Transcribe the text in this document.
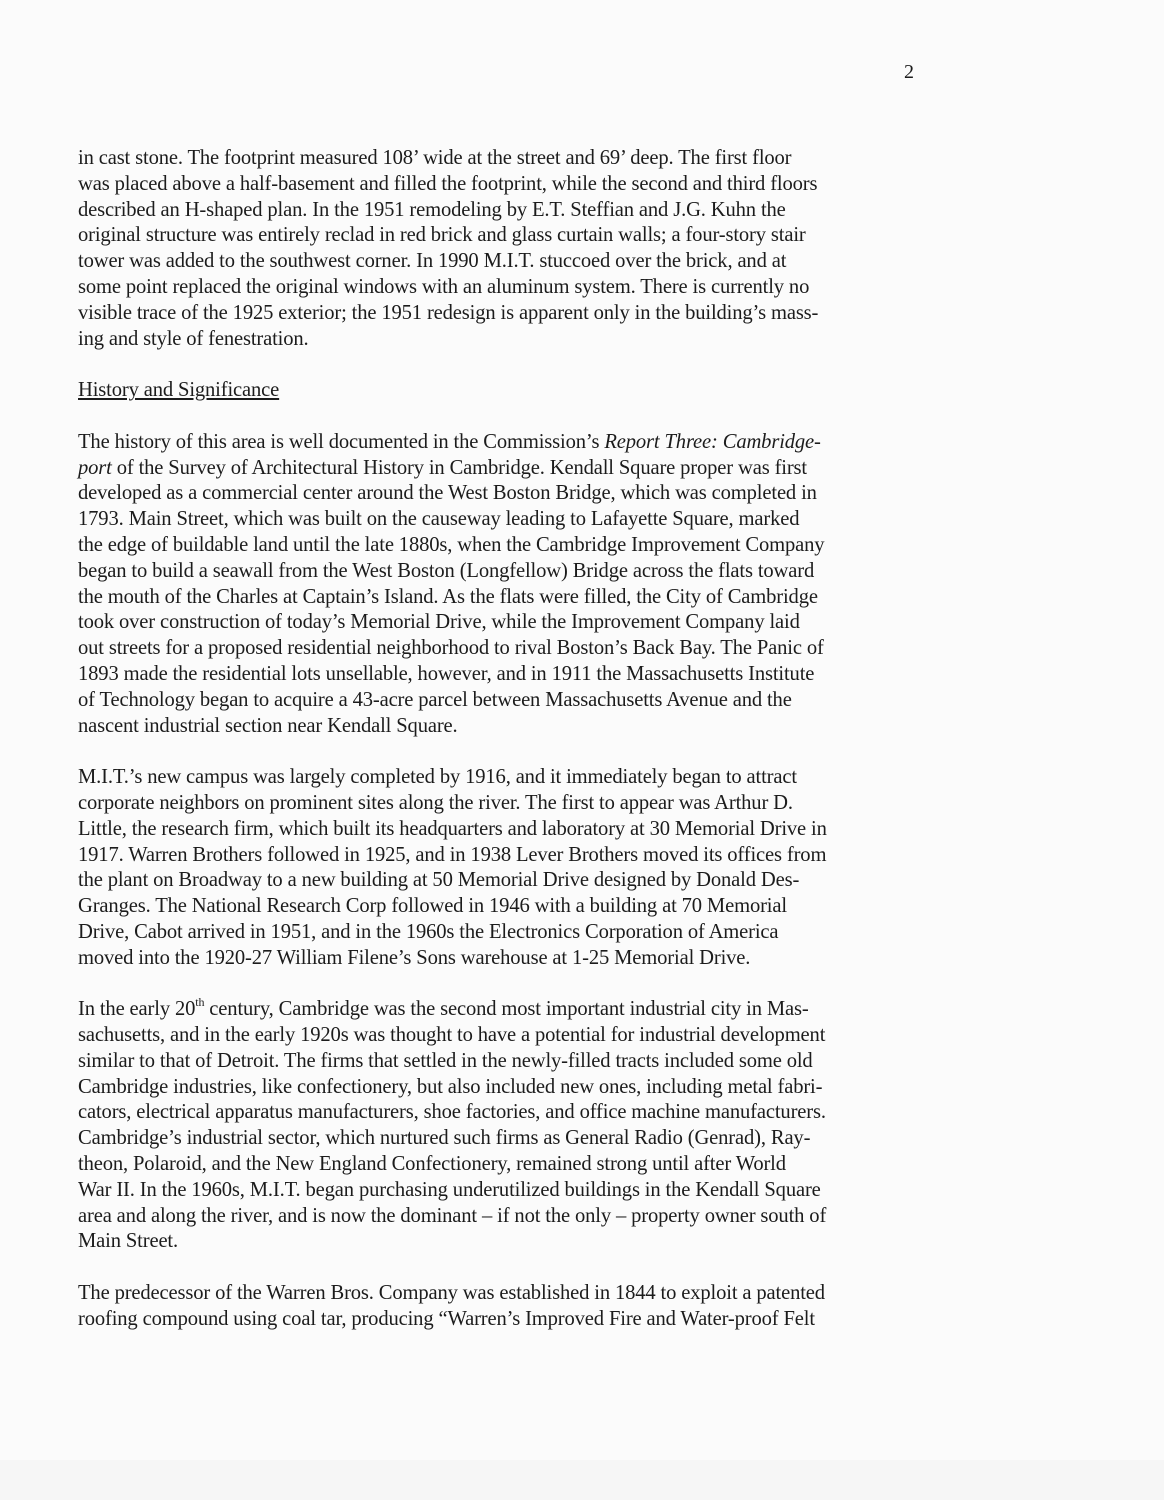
2
in cast stone. The footprint measured 108’ wide at the street and 69’ deep. The first floor
was placed above a half-basement and filled the footprint, while the second and third floors
described an H-shaped plan. In the 1951 remodeling by E.T. Steffian and J.G. Kuhn the
original structure was entirely reclad in red brick and glass curtain walls; a four-story stair
tower was added to the southwest corner. In 1990 M.I.T. stuccoed over the brick, and at
some point replaced the original windows with an aluminum system. There is currently no
visible trace of the 1925 exterior; the 1951 redesign is apparent only in the building’s mass-
ing and style of fenestration.
History and Significance
The history of this area is well documented in the Commission’s Report Three: Cambridge-
port of the Survey of Architectural History in Cambridge. Kendall Square proper was first
developed as a commercial center around the West Boston Bridge, which was completed in
1793. Main Street, which was built on the causeway leading to Lafayette Square, marked
the edge of buildable land until the late 1880s, when the Cambridge Improvement Company
began to build a seawall from the West Boston (Longfellow) Bridge across the flats toward
the mouth of the Charles at Captain’s Island. As the flats were filled, the City of Cambridge
took over construction of today’s Memorial Drive, while the Improvement Company laid
out streets for a proposed residential neighborhood to rival Boston’s Back Bay. The Panic of
1893 made the residential lots unsellable, however, and in 1911 the Massachusetts Institute
of Technology began to acquire a 43-acre parcel between Massachusetts Avenue and the
nascent industrial section near Kendall Square.
M.I.T.’s new campus was largely completed by 1916, and it immediately began to attract
corporate neighbors on prominent sites along the river. The first to appear was Arthur D.
Little, the research firm, which built its headquarters and laboratory at 30 Memorial Drive in
1917. Warren Brothers followed in 1925, and in 1938 Lever Brothers moved its offices from
the plant on Broadway to a new building at 50 Memorial Drive designed by Donald Des-
Granges. The National Research Corp followed in 1946 with a building at 70 Memorial
Drive, Cabot arrived in 1951, and in the 1960s the Electronics Corporation of America
moved into the 1920-27 William Filene’s Sons warehouse at 1-25 Memorial Drive.
In the early 20th century, Cambridge was the second most important industrial city in Mas-
sachusetts, and in the early 1920s was thought to have a potential for industrial development
similar to that of Detroit. The firms that settled in the newly-filled tracts included some old
Cambridge industries, like confectionery, but also included new ones, including metal fabri-
cators, electrical apparatus manufacturers, shoe factories, and office machine manufacturers.
Cambridge’s industrial sector, which nurtured such firms as General Radio (Genrad), Ray-
theon, Polaroid, and the New England Confectionery, remained strong until after World
War II. In the 1960s, M.I.T. began purchasing underutilized buildings in the Kendall Square
area and along the river, and is now the dominant – if not the only – property owner south of
Main Street.
The predecessor of the Warren Bros. Company was established in 1844 to exploit a patented
roofing compound using coal tar, producing “Warren’s Improved Fire and Water-proof Felt
